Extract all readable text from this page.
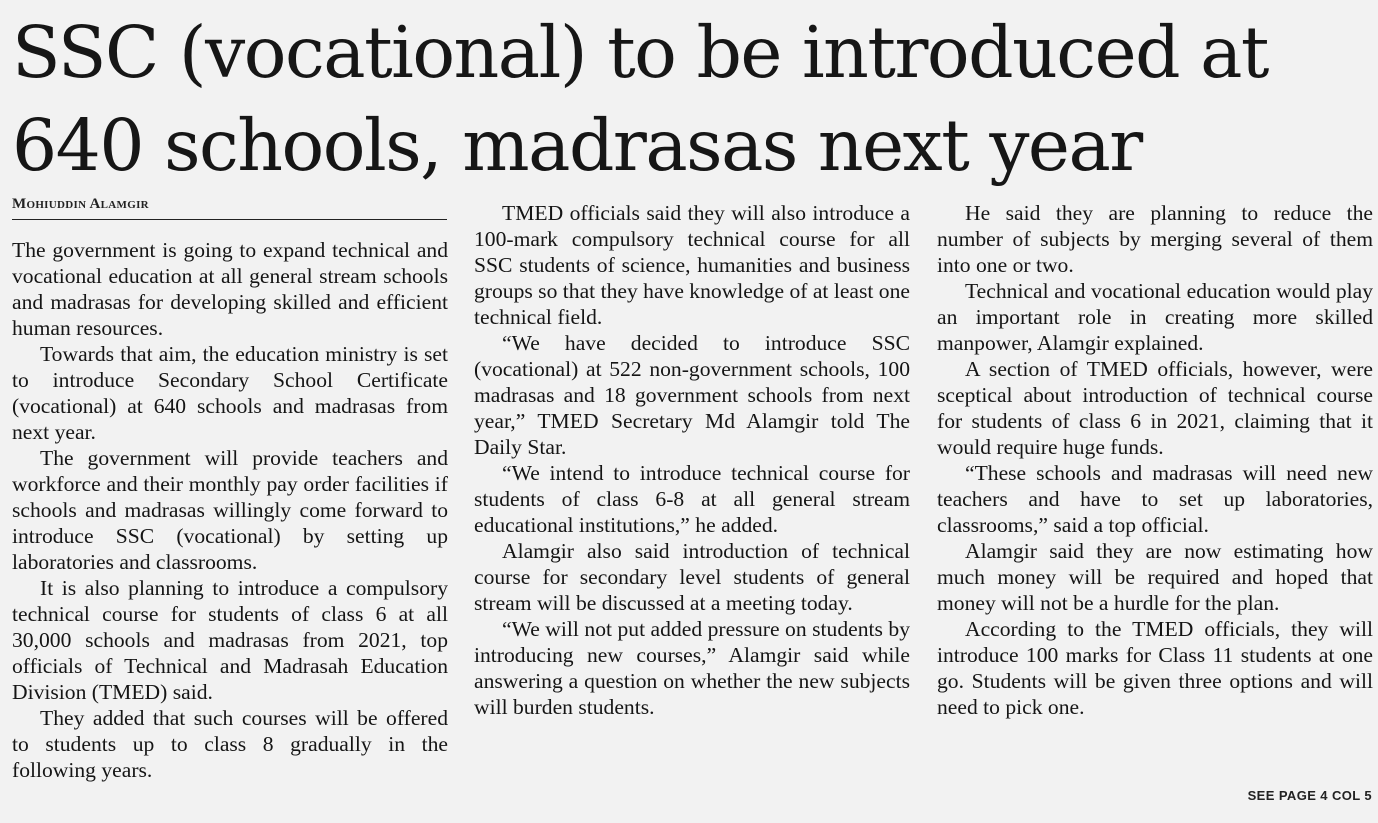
SSC (vocational) to be introduced at 640 schools, madrasas next year
Mohiuddin Alamgir

The government is going to expand technical and vocational education at all general stream schools and madrasas for developing skilled and efficient human resources.

Towards that aim, the education ministry is set to introduce Secondary School Certificate (vocational) at 640 schools and madrasas from next year.

The government will provide teachers and workforce and their monthly pay order facilities if schools and madrasas willingly come forward to introduce SSC (vocational) by setting up laboratories and classrooms.

It is also planning to introduce a compulsory technical course for students of class 6 at all 30,000 schools and madrasas from 2021, top officials of Technical and Madrasah Education Division (TMED) said.

They added that such courses will be offered to students up to class 8 gradually in the following years.

TMED officials said they will also introduce a 100-mark compulsory technical course for all SSC students of science, humanities and business groups so that they have knowledge of at least one technical field.

“We have decided to introduce SSC (vocational) at 522 non-government schools, 100 madrasas and 18 government schools from next year,” TMED Secretary Md Alamgir told The Daily Star.

“We intend to introduce technical course for students of class 6-8 at all general stream educational institutions,” he added.

Alamgir also said introduction of technical course for secondary level students of general stream will be discussed at a meeting today.

“We will not put added pressure on students by introducing new courses,” Alamgir said while answering a question on whether the new subjects will burden students.

He said they are planning to reduce the number of subjects by merging several of them into one or two.

Technical and vocational education would play an important role in creating more skilled manpower, Alamgir explained.

A section of TMED officials, however, were sceptical about introduction of technical course for students of class 6 in 2021, claiming that it would require huge funds.

“These schools and madrasas will need new teachers and have to set up laboratories, classrooms,” said a top official.

Alamgir said they are now estimating how much money will be required and hoped that money will not be a hurdle for the plan.

According to the TMED officials, they will introduce 100 marks for Class 11 students at one go. Students will be given three options and will need to pick one.

SEE PAGE 4 COL 5
